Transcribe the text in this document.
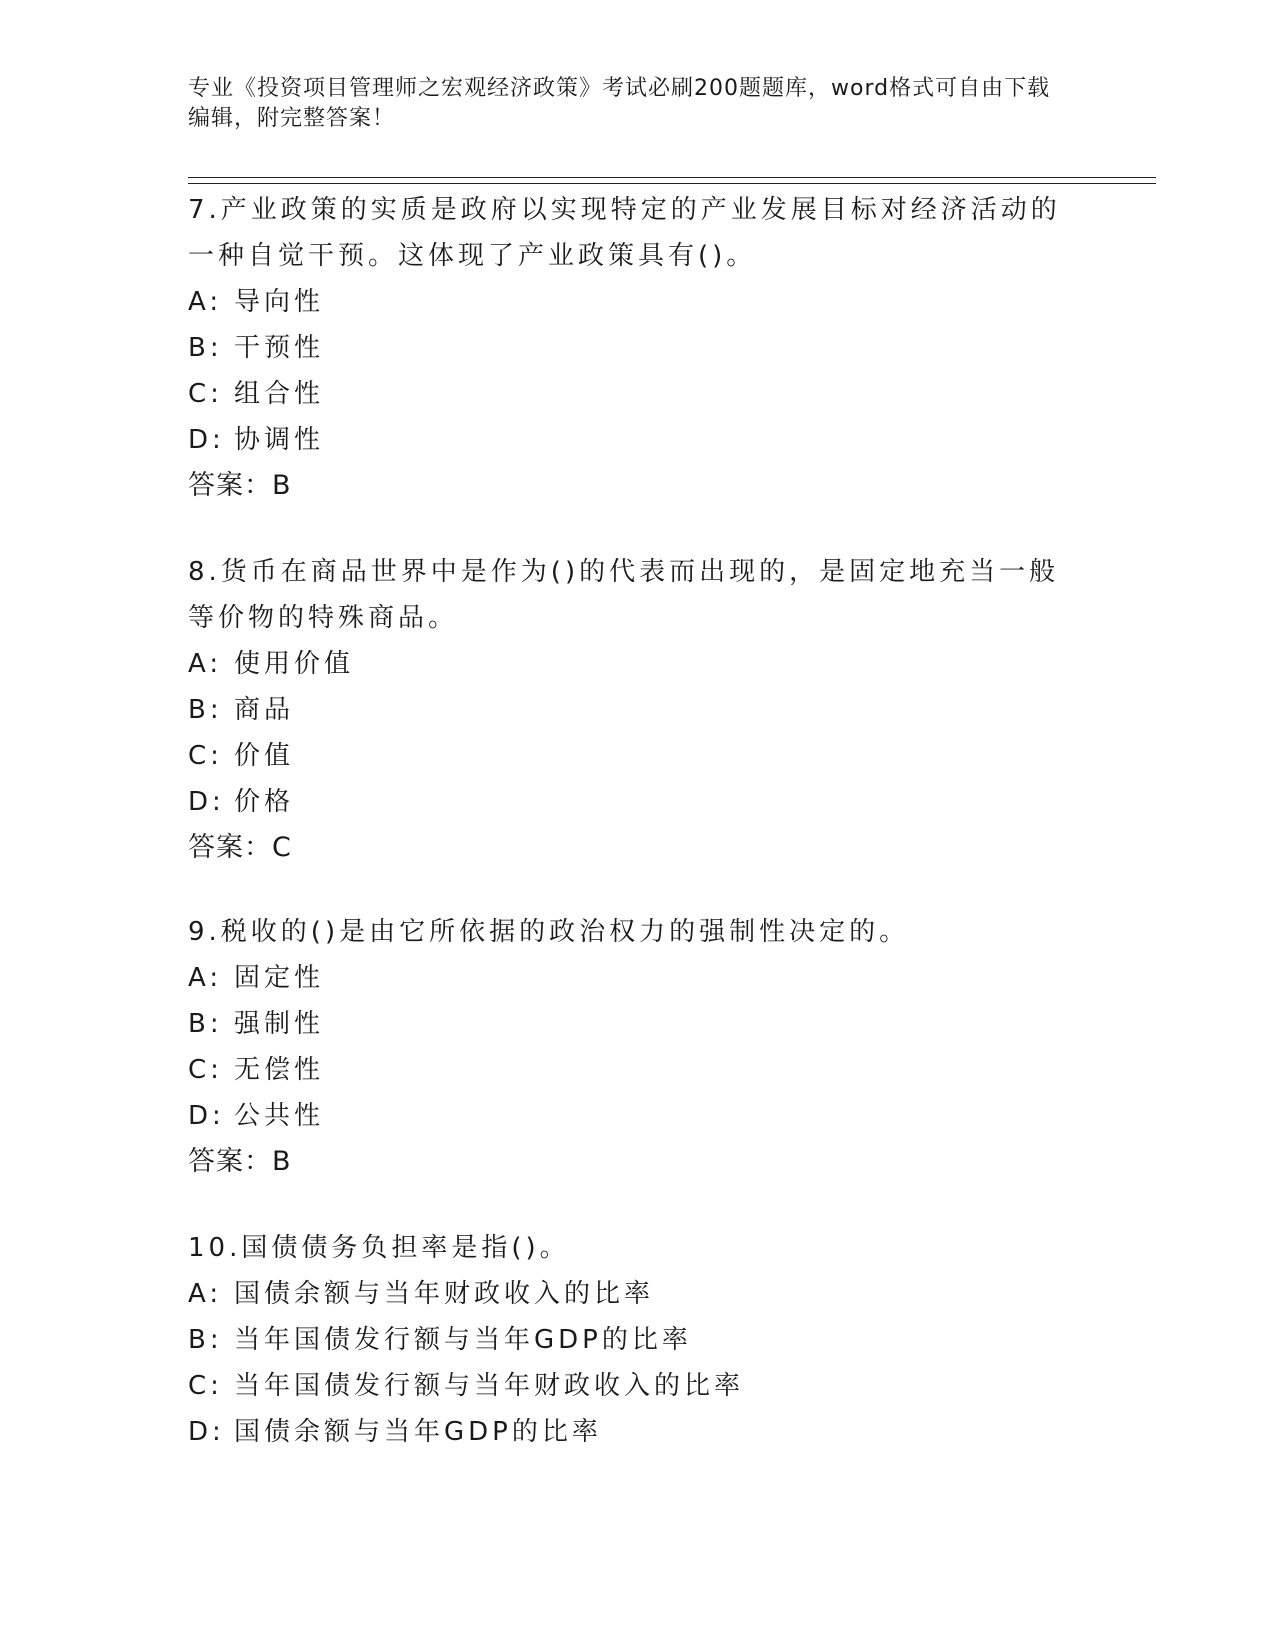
专业《投资项目管理师之宏观经济政策》考试必刷200题题库，word格式可自由下载编辑，附完整答案！

7.产业政策的实质是政府以实现特定的产业发展目标对经济活动的一种自觉干预。这体现了产业政策具有()。

A: 导向性
B: 干预性
C: 组合性
D: 协调性
答案：B

8.货币在商品世界中是作为()的代表而出现的，是固定地充当一般等价物的特殊商品。

A: 使用价值
B: 商品
C: 价值
D: 价格
答案：C

9.税收的()是由它所依据的政治权力的强制性决定的。

A: 固定性
B: 强制性
C: 无偿性
D: 公共性
答案：B

10.国债债务负担率是指()。

A: 国债余额与当年财政收入的比率
B: 当年国债发行额与当年GDP的比率
C: 当年国债发行额与当年财政收入的比率
D: 国债余额与当年GDP的比率
